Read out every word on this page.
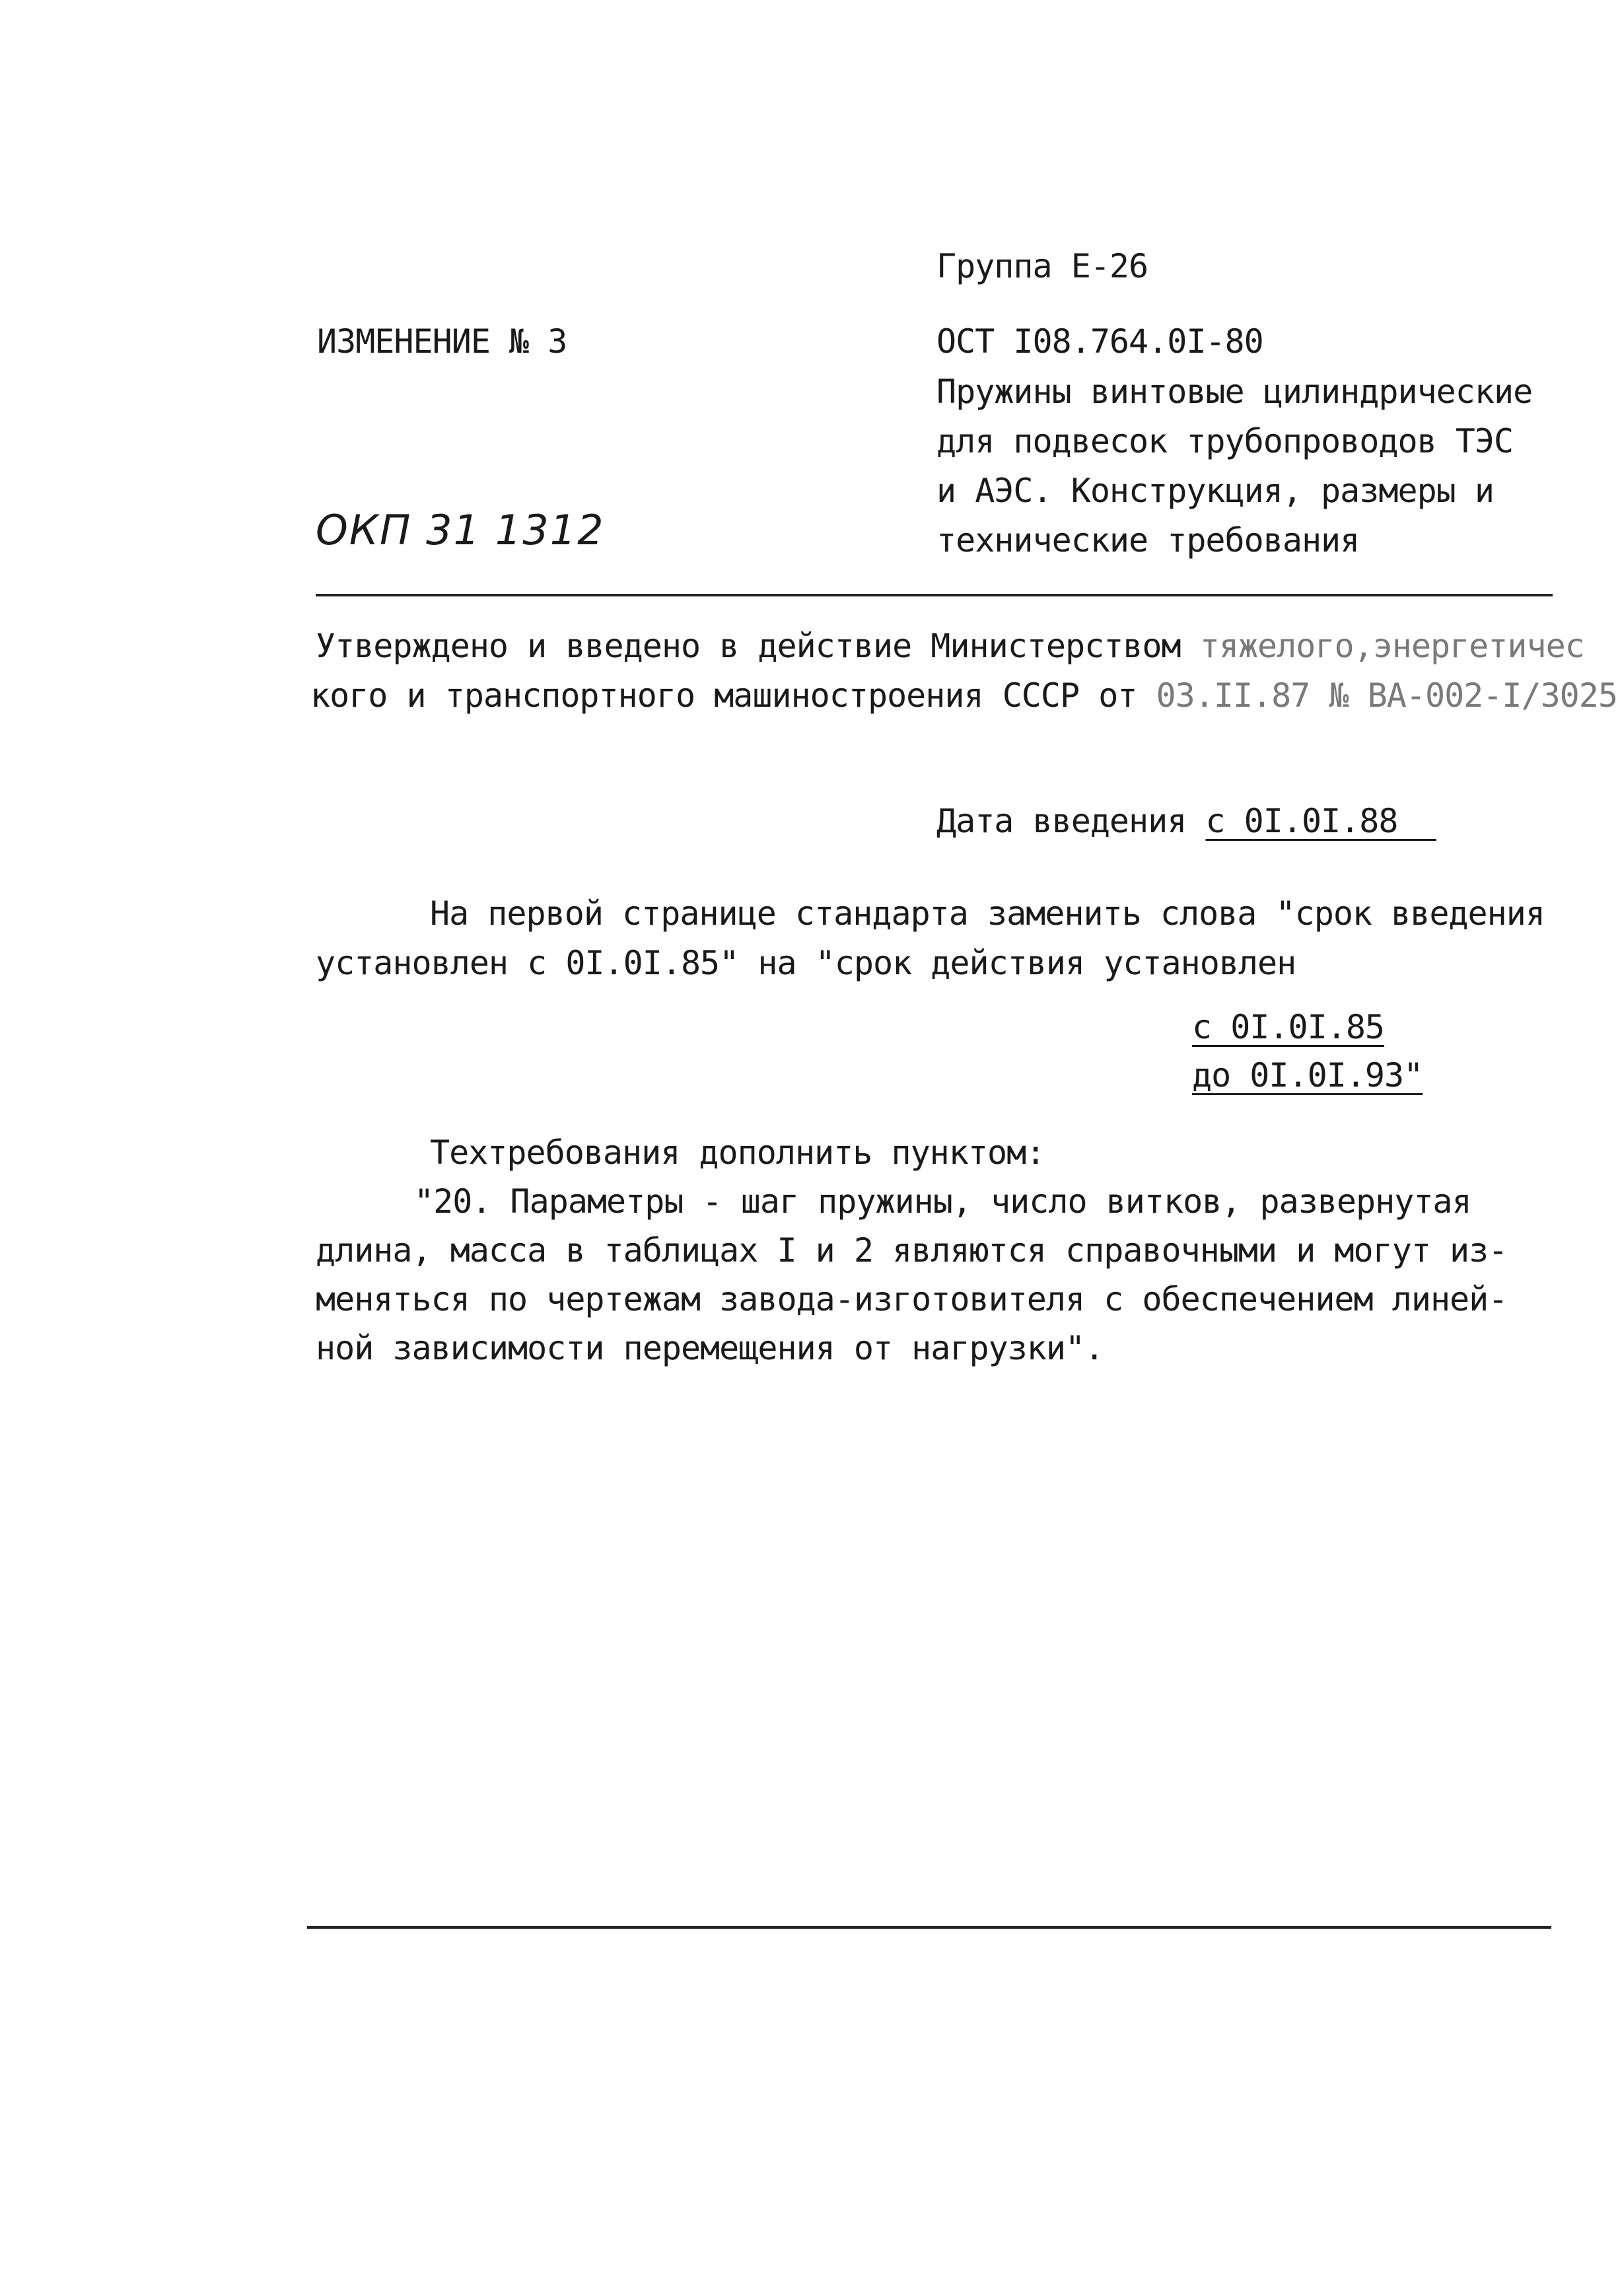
Группа Е-26
ИЗМЕНЕНИЕ № 3	ОСТ I08.764.0I-80
Пружины винтовые цилиндрические
для подвесок трубопроводов ТЭС
и АЭС. Конструкция, размеры и
технические требования
ОКП 31 1312
Утверждено и введено в действие Министерством тяжелого,энергетичес
кого и транспортного машиностроения СССР от 03.II.87 № ВА-002-I/3025
Дата введения с 0I.0I.88
На первой странице стандарта заменить слова "срок введения
установлен с 0I.0I.85" на "срок действия установлен
с 0I.0I.85
до 0I.0I.93"
Техтребования дополнить пунктом:
"20. Параметры - шаг пружины, число витков, развернутая
длина, масса в таблицах I и 2 являются справочными и могут из-
меняться по чертежам завода-изготовителя с обеспечением линей-
ной зависимости перемещения от нагрузки".
